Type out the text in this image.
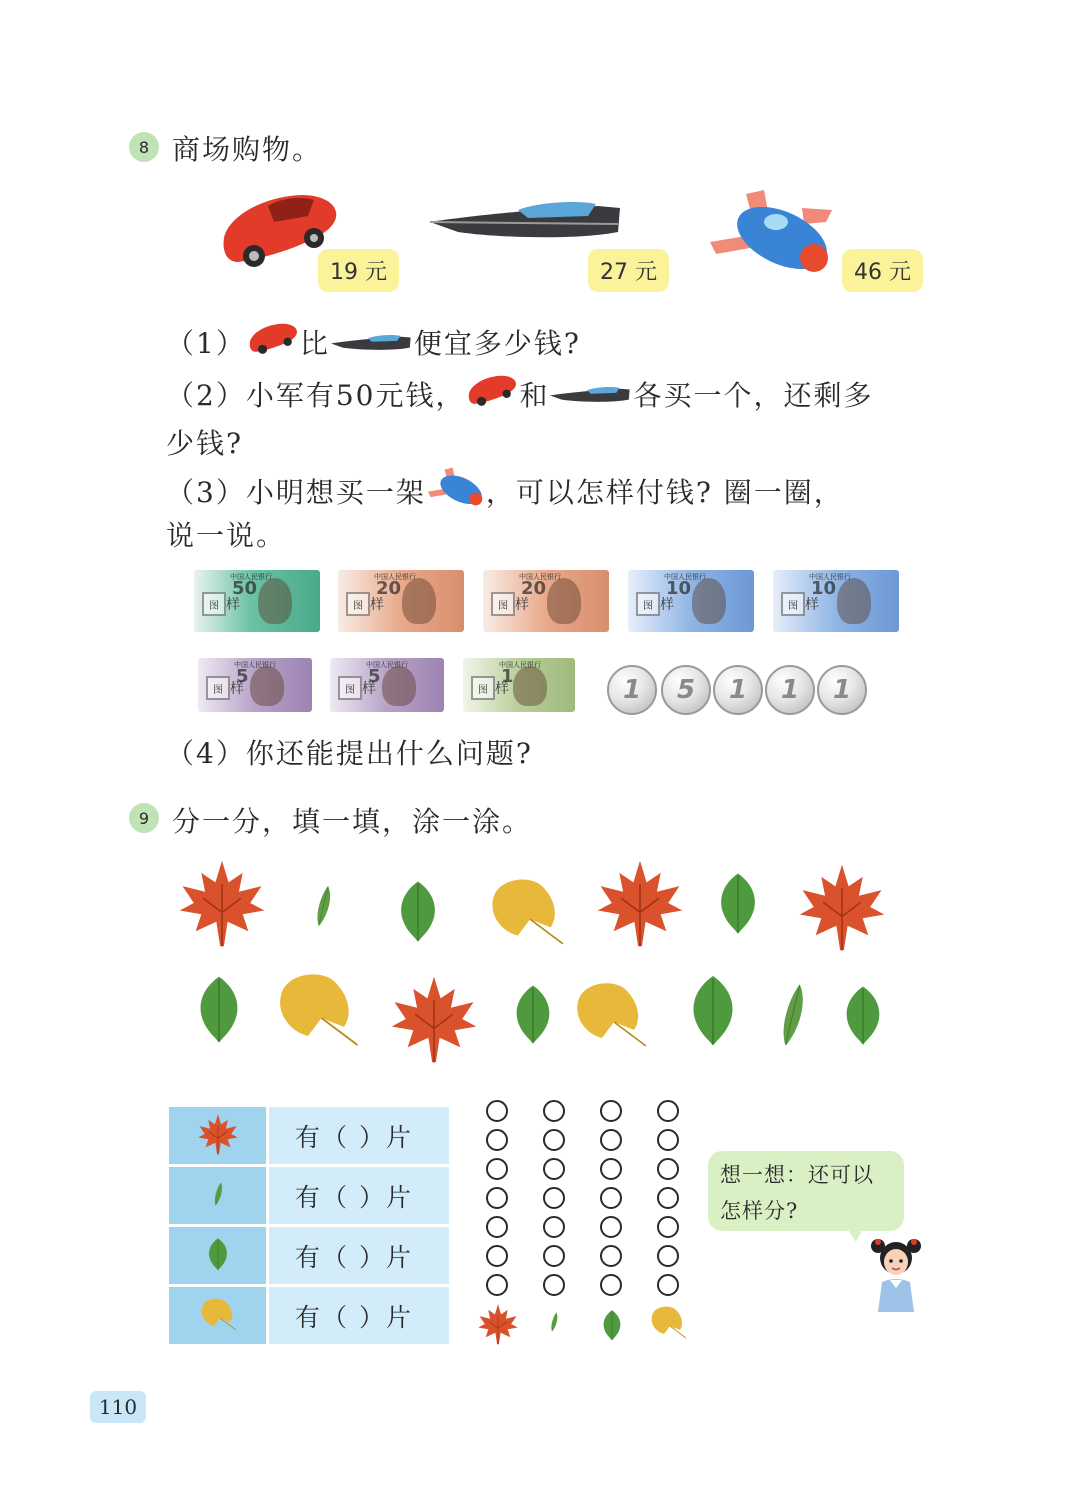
8 商场购物。
19 元	27 元	46 元
（1） 比	便宜多少钱?
（2）小军有50元钱， 和	各买一个，还剩多
少钱?
（3）小明想买一架 ，可以怎样付钱? 圈一圈，
说一说。
中国人民银行
图 样
50
中国人民银行
图 样
20
中国人民银行
图 样
20
中国人民银行
图 样
10
中国人民银行
图 样
10
中国人民银行
图 样
5
中国人民银行
图 样
5
中国人民银行
图 样
1	1	5	1	1	1
（4）你还能提出什么问题?
9 分一分，填一填，涂一涂。
	有（ ）片
	有（ ）片
	有（ ）片
	有（ ）片
想一想：还可以
怎样分?
110
